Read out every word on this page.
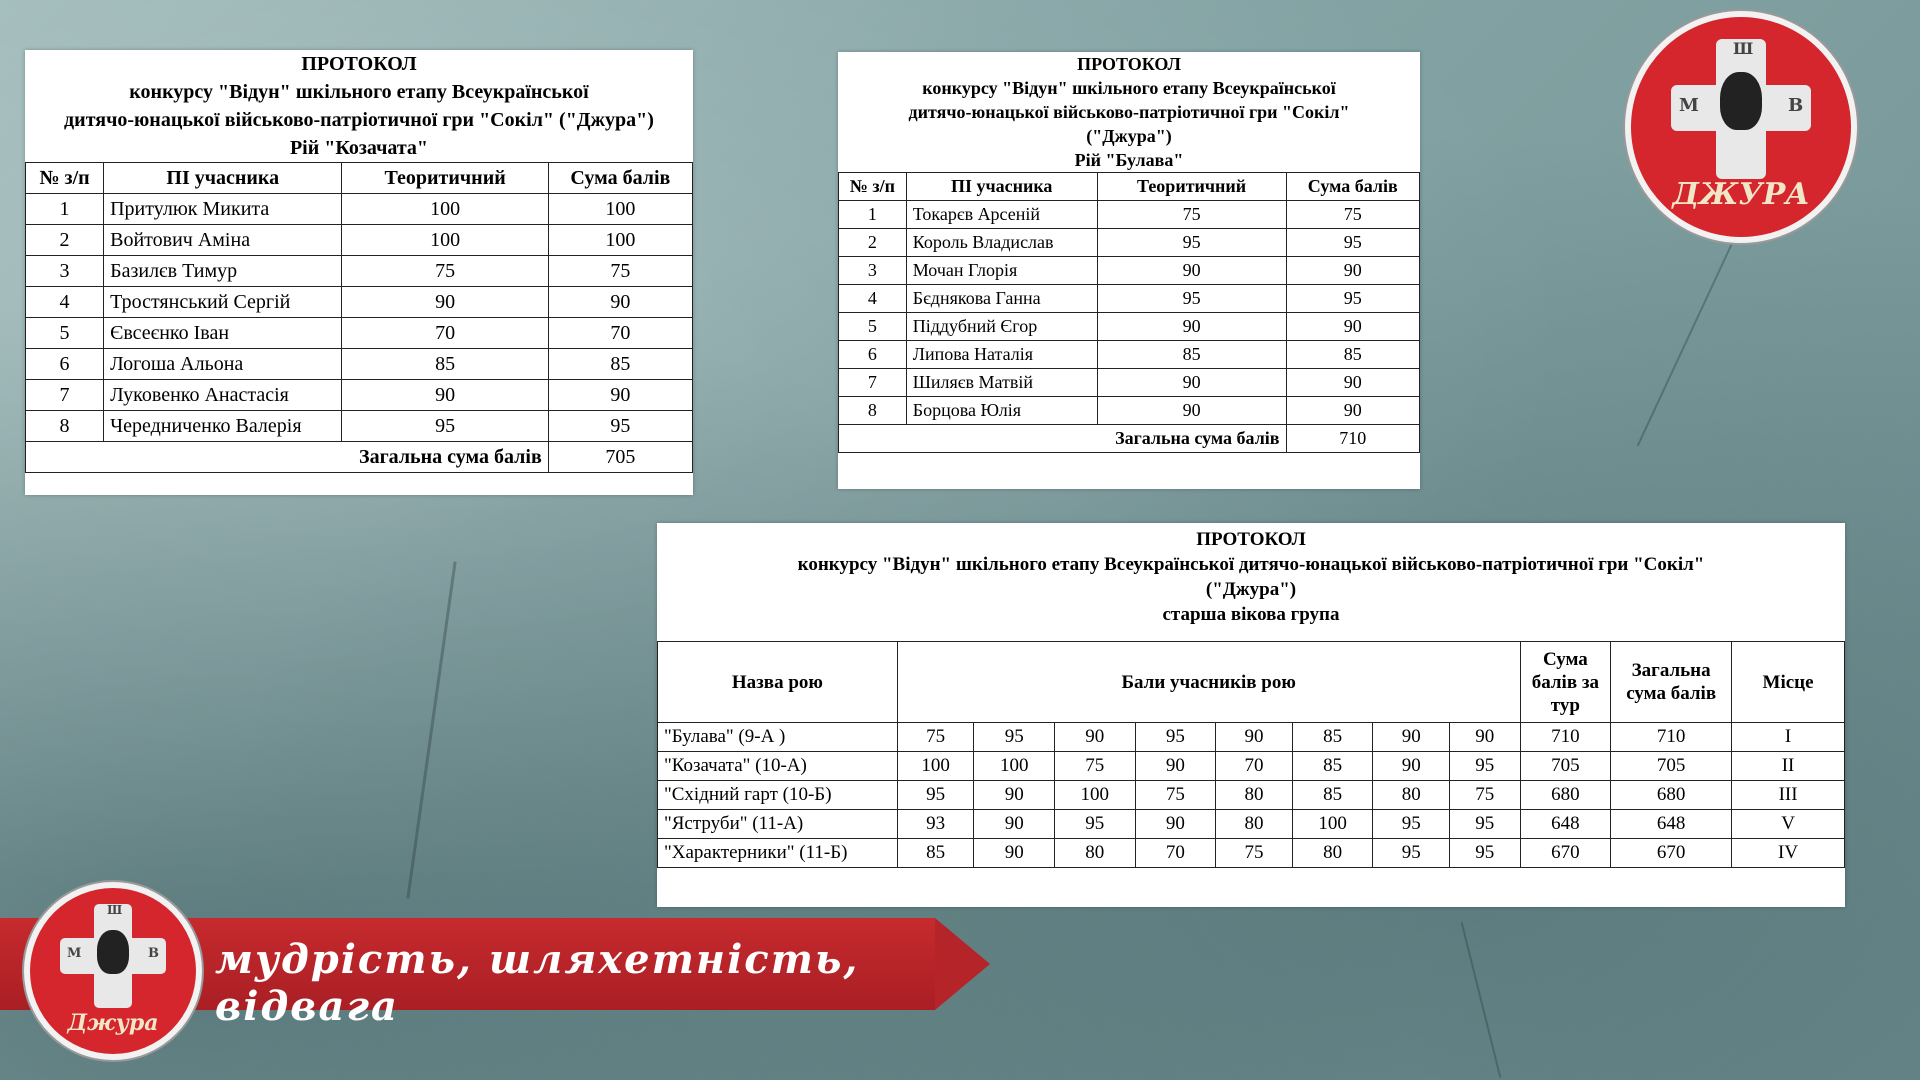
ПРОТОКОЛ
конкурсу "Відун" шкільного етапу Всеукраїнської
дитячо-юнацької військово-патріотичної гри "Сокіл" ("Джура")
Рій "Козачата"
№ з/п	ПІ учасника	Теоритичний	Сума балів
1	Притулюк Микита	100	100
2	Войтович Аміна	100	100
3	Базилєв Тимур	75	75
4	Тростянський Сергій	90	90
5	Євсеєнко Іван	70	70
6	Логоша Альона	85	85
7	Луковенко Анастасія	90	90
8	Чередниченко Валерія	95	95
Загальна сума балів			705
ПРОТОКОЛ
конкурсу "Відун" шкільного етапу Всеукраїнської
дитячо-юнацької військово-патріотичної гри "Сокіл"
("Джура")
Рій "Булава"
№ з/п	ПІ учасника	Теоритичний	Сума балів
1	Токарєв Арсеній	75	75
2	Король Владислав	95	95
3	Мочан Глорія	90	90
4	Бєднякова Ганна	95	95
5	Піддубний Єгор	90	90
6	Липова Наталія	85	85
7	Шиляєв Матвій	90	90
8	Борцова Юлія	90	90
Загальна сума балів			710
ПРОТОКОЛ
конкурсу "Відун" шкільного етапу Всеукраїнської дитячо-юнацької військово-патріотичної гри "Сокіл"
("Джура")
старша вікова група
Назва рою	Бали учасників рою								Сума балів за тур	Загальна сума балів	Місце
"Булава" (9-А )	75	95	90	95	90	85	90	90	710	710	I
"Козачата" (10-А)	100	100	75	90	70	85	90	95	705	705	II
"Східний гарт (10-Б)	95	90	100	75	80	85	80	75	680	680	III
"Яструби" (11-А)	93	90	95	90	80	100	95	95	648	648	V
"Характерники" (11-Б)	85	90	80	70	75	80	95	95	670	670	IV
Ш
М	В
ДЖУРА
мудрість, шляхетність, відвага
Ш
М	В
Джура
